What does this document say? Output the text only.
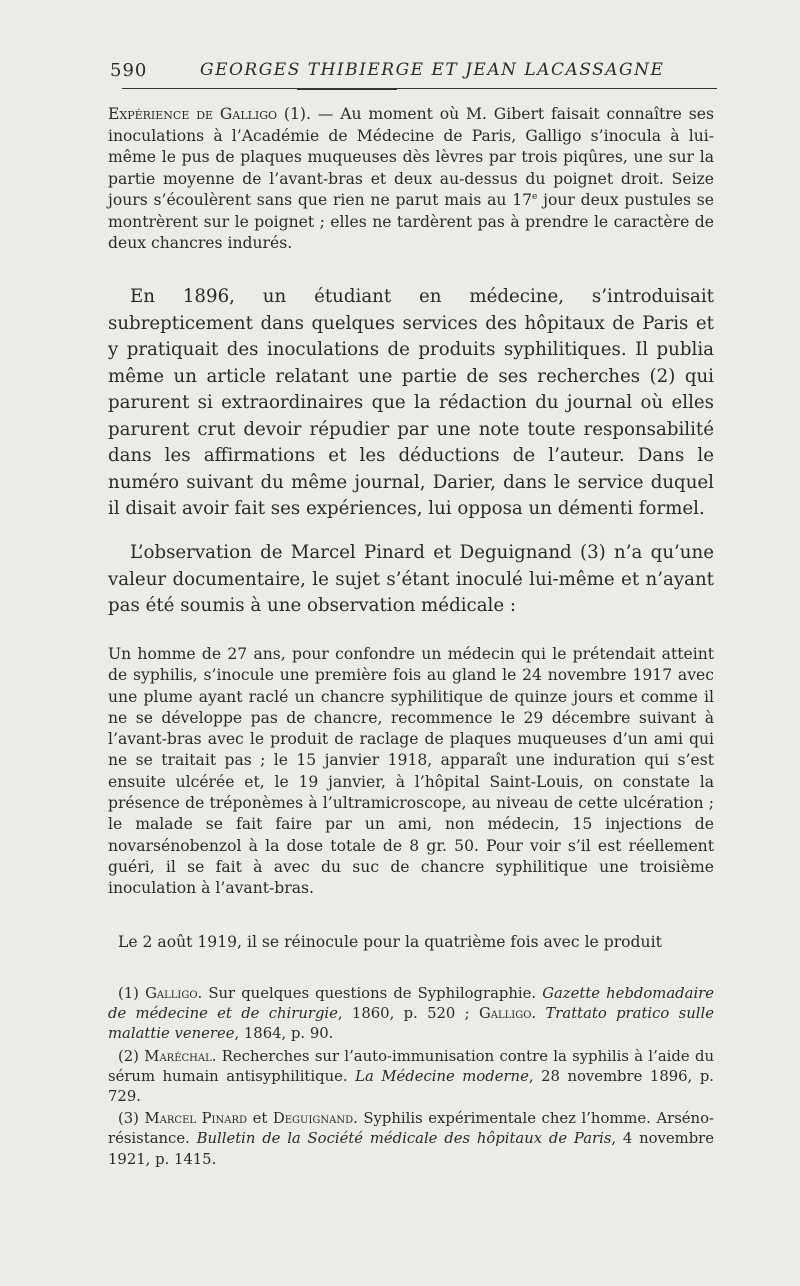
590	GEORGES THIBIERGE ET JEAN LACASSAGNE

Expérience de Galligo (1). — Au moment où M. Gibert faisait connaître ses inoculations à l’Académie de Médecine de Paris, Galligo s’inocula à lui-même le pus de plaques muqueuses dès lèvres par trois piqûres, une sur la partie moyenne de l’avant-bras et deux au-dessus du poignet droit. Seize jours s’écoulèrent sans que rien ne parut mais au 17e jour deux pustules se montrèrent sur le poignet ; elles ne tardèrent pas à prendre le caractère de deux chancres indurés.

En 1896, un étudiant en médecine, s’introduisait subrepticement dans quelques services des hôpitaux de Paris et y pratiquait des inoculations de produits syphilitiques. Il publia même un article relatant une partie de ses recherches (2) qui parurent si extraordinaires que la rédaction du journal où elles parurent crut devoir répudier par une note toute responsabilité dans les affirmations et les déductions de l’auteur. Dans le numéro suivant du même journal, Darier, dans le service duquel il disait avoir fait ses expériences, lui opposa un démenti formel.

L’observation de Marcel Pinard et Deguignand (3) n’a qu’une valeur documentaire, le sujet s’étant inoculé lui-même et n’ayant pas été soumis à une observation médicale :

Un homme de 27 ans, pour confondre un médecin qui le prétendait atteint de syphilis, s’inocule une première fois au gland le 24 novembre 1917 avec une plume ayant raclé un chancre syphilitique de quinze jours et comme il ne se développe pas de chancre, recommence le 29 décembre suivant à l’avant-bras avec le produit de raclage de plaques muqueuses d’un ami qui ne se traitait pas ; le 15 janvier 1918, apparaît une induration qui s’est ensuite ulcérée et, le 19 janvier, à l’hôpital Saint-Louis, on constate la présence de tréponèmes à l’ultramicroscope, au niveau de cette ulcération ; le malade se fait faire par un ami, non médecin, 15 injections de novarsénobenzol à la dose totale de 8 gr. 50. Pour voir s’il est réellement guéri, il se fait à avec du suc de chancre syphilitique une troisième inoculation à l’avant-bras.

Le 2 août 1919, il se réinocule pour la quatrième fois avec le produit

(1) Galligo. Sur quelques questions de Syphilographie. Gazette hebdomadaire de médecine et de chirurgie, 1860, p. 520 ; Galligo. Trattato pratico sulle malattie veneree, 1864, p. 90.

(2) Maréchal. Recherches sur l’auto-immunisation contre la syphilis à l’aide du sérum humain antisyphilitique. La Médecine moderne, 28 novembre 1896, p. 729.

(3) Marcel Pinard et Deguignand. Syphilis expérimentale chez l’homme. Arséno-résistance. Bulletin de la Société médicale des hôpitaux de Paris, 4 novembre 1921, p. 1415.
